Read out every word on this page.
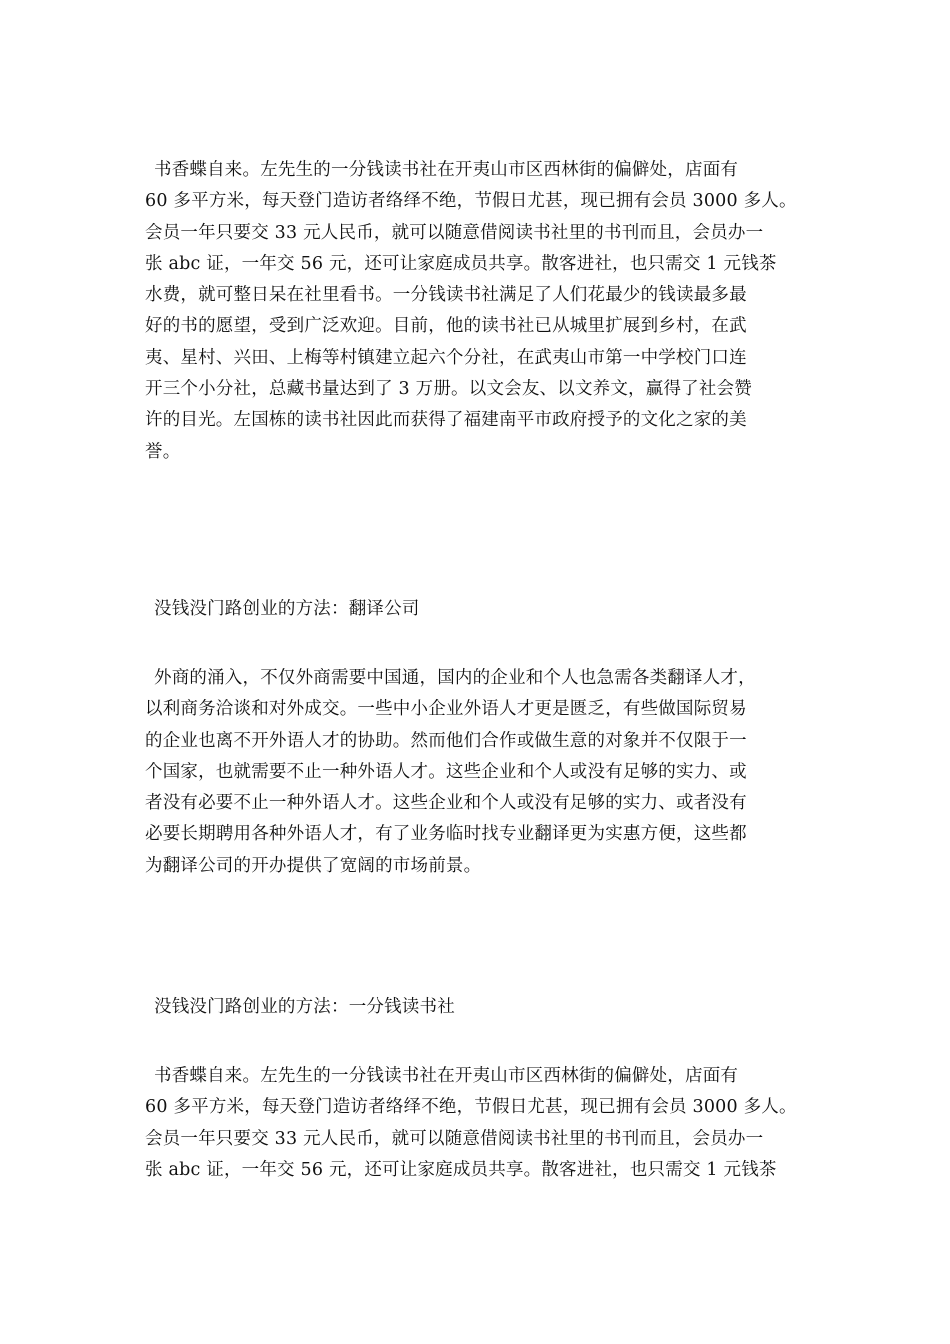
书香蝶自来。左先生的一分钱读书社在开夷山市区西林街的偏僻处，店面有
60 多平方米，每天登门造访者络绎不绝，节假日尤甚，现已拥有会员 3000 多人。
会员一年只要交 33 元人民币，就可以随意借阅读书社里的书刊而且，会员办一
张 abc 证，一年交 56 元，还可让家庭成员共享。散客进社，也只需交 1 元钱茶
水费，就可整日呆在社里看书。一分钱读书社满足了人们花最少的钱读最多最
好的书的愿望，受到广泛欢迎。目前，他的读书社已从城里扩展到乡村，在武
夷、星村、兴田、上梅等村镇建立起六个分社，在武夷山市第一中学校门口连
开三个小分社，总藏书量达到了 3 万册。以文会友、以文养文，赢得了社会赞
许的目光。左国栋的读书社因此而获得了福建南平市政府授予的文化之家的美
誉。
没钱没门路创业的方法：翻译公司
外商的涌入，不仅外商需要中国通，国内的企业和个人也急需各类翻译人才，
以利商务洽谈和对外成交。一些中小企业外语人才更是匮乏，有些做国际贸易
的企业也离不开外语人才的协助。然而他们合作或做生意的对象并不仅限于一
个国家，也就需要不止一种外语人才。这些企业和个人或没有足够的实力、或
者没有必要不止一种外语人才。这些企业和个人或没有足够的实力、或者没有
必要长期聘用各种外语人才，有了业务临时找专业翻译更为实惠方便，这些都
为翻译公司的开办提供了宽阔的市场前景。
没钱没门路创业的方法：一分钱读书社
书香蝶自来。左先生的一分钱读书社在开夷山市区西林街的偏僻处，店面有
60 多平方米，每天登门造访者络绎不绝，节假日尤甚，现已拥有会员 3000 多人。
会员一年只要交 33 元人民币，就可以随意借阅读书社里的书刊而且，会员办一
张 abc 证，一年交 56 元，还可让家庭成员共享。散客进社，也只需交 1 元钱茶
